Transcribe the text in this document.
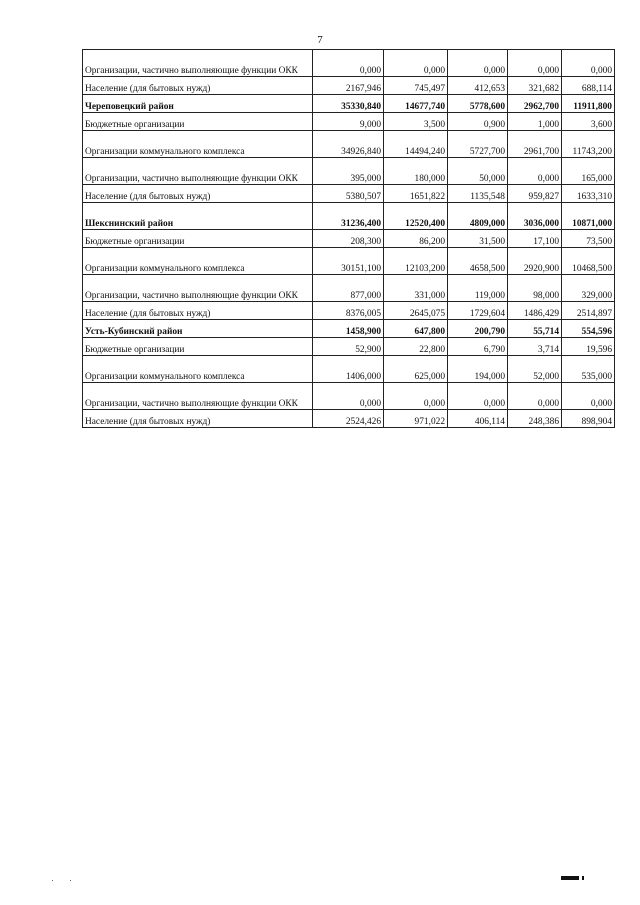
7
Организации, частично выполняющие функции ОКК	0,000	0,000	0,000	0,000	0,000
Население (для бытовых нужд)	2167,946	745,497	412,653	321,682	688,114
Череповецкий район	35330,840	14677,740	5778,600	2962,700	11911,800
Бюджетные организации	9,000	3,500	0,900	1,000	3,600
Организации коммунального комплекса	34926,840	14494,240	5727,700	2961,700	11743,200
Организации, частично выполняющие функции ОКК	395,000	180,000	50,000	0,000	165,000
Население (для бытовых нужд)	5380,507	1651,822	1135,548	959,827	1633,310
Шекснинский район	31236,400	12520,400	4809,000	3036,000	10871,000
Бюджетные организации	208,300	86,200	31,500	17,100	73,500
Организации коммунального комплекса	30151,100	12103,200	4658,500	2920,900	10468,500
Организации, частично выполняющие функции ОКК	877,000	331,000	119,000	98,000	329,000
Население (для бытовых нужд)	8376,005	2645,075	1729,604	1486,429	2514,897
Усть-Кубинский район	1458,900	647,800	200,790	55,714	554,596
Бюджетные организации	52,900	22,800	6,790	3,714	19,596
Организации коммунального комплекса	1406,000	625,000	194,000	52,000	535,000
Организации, частично выполняющие функции ОКК	0,000	0,000	0,000	0,000	0,000
Население (для бытовых нужд)	2524,426	971,022	406,114	248,386	898,904
